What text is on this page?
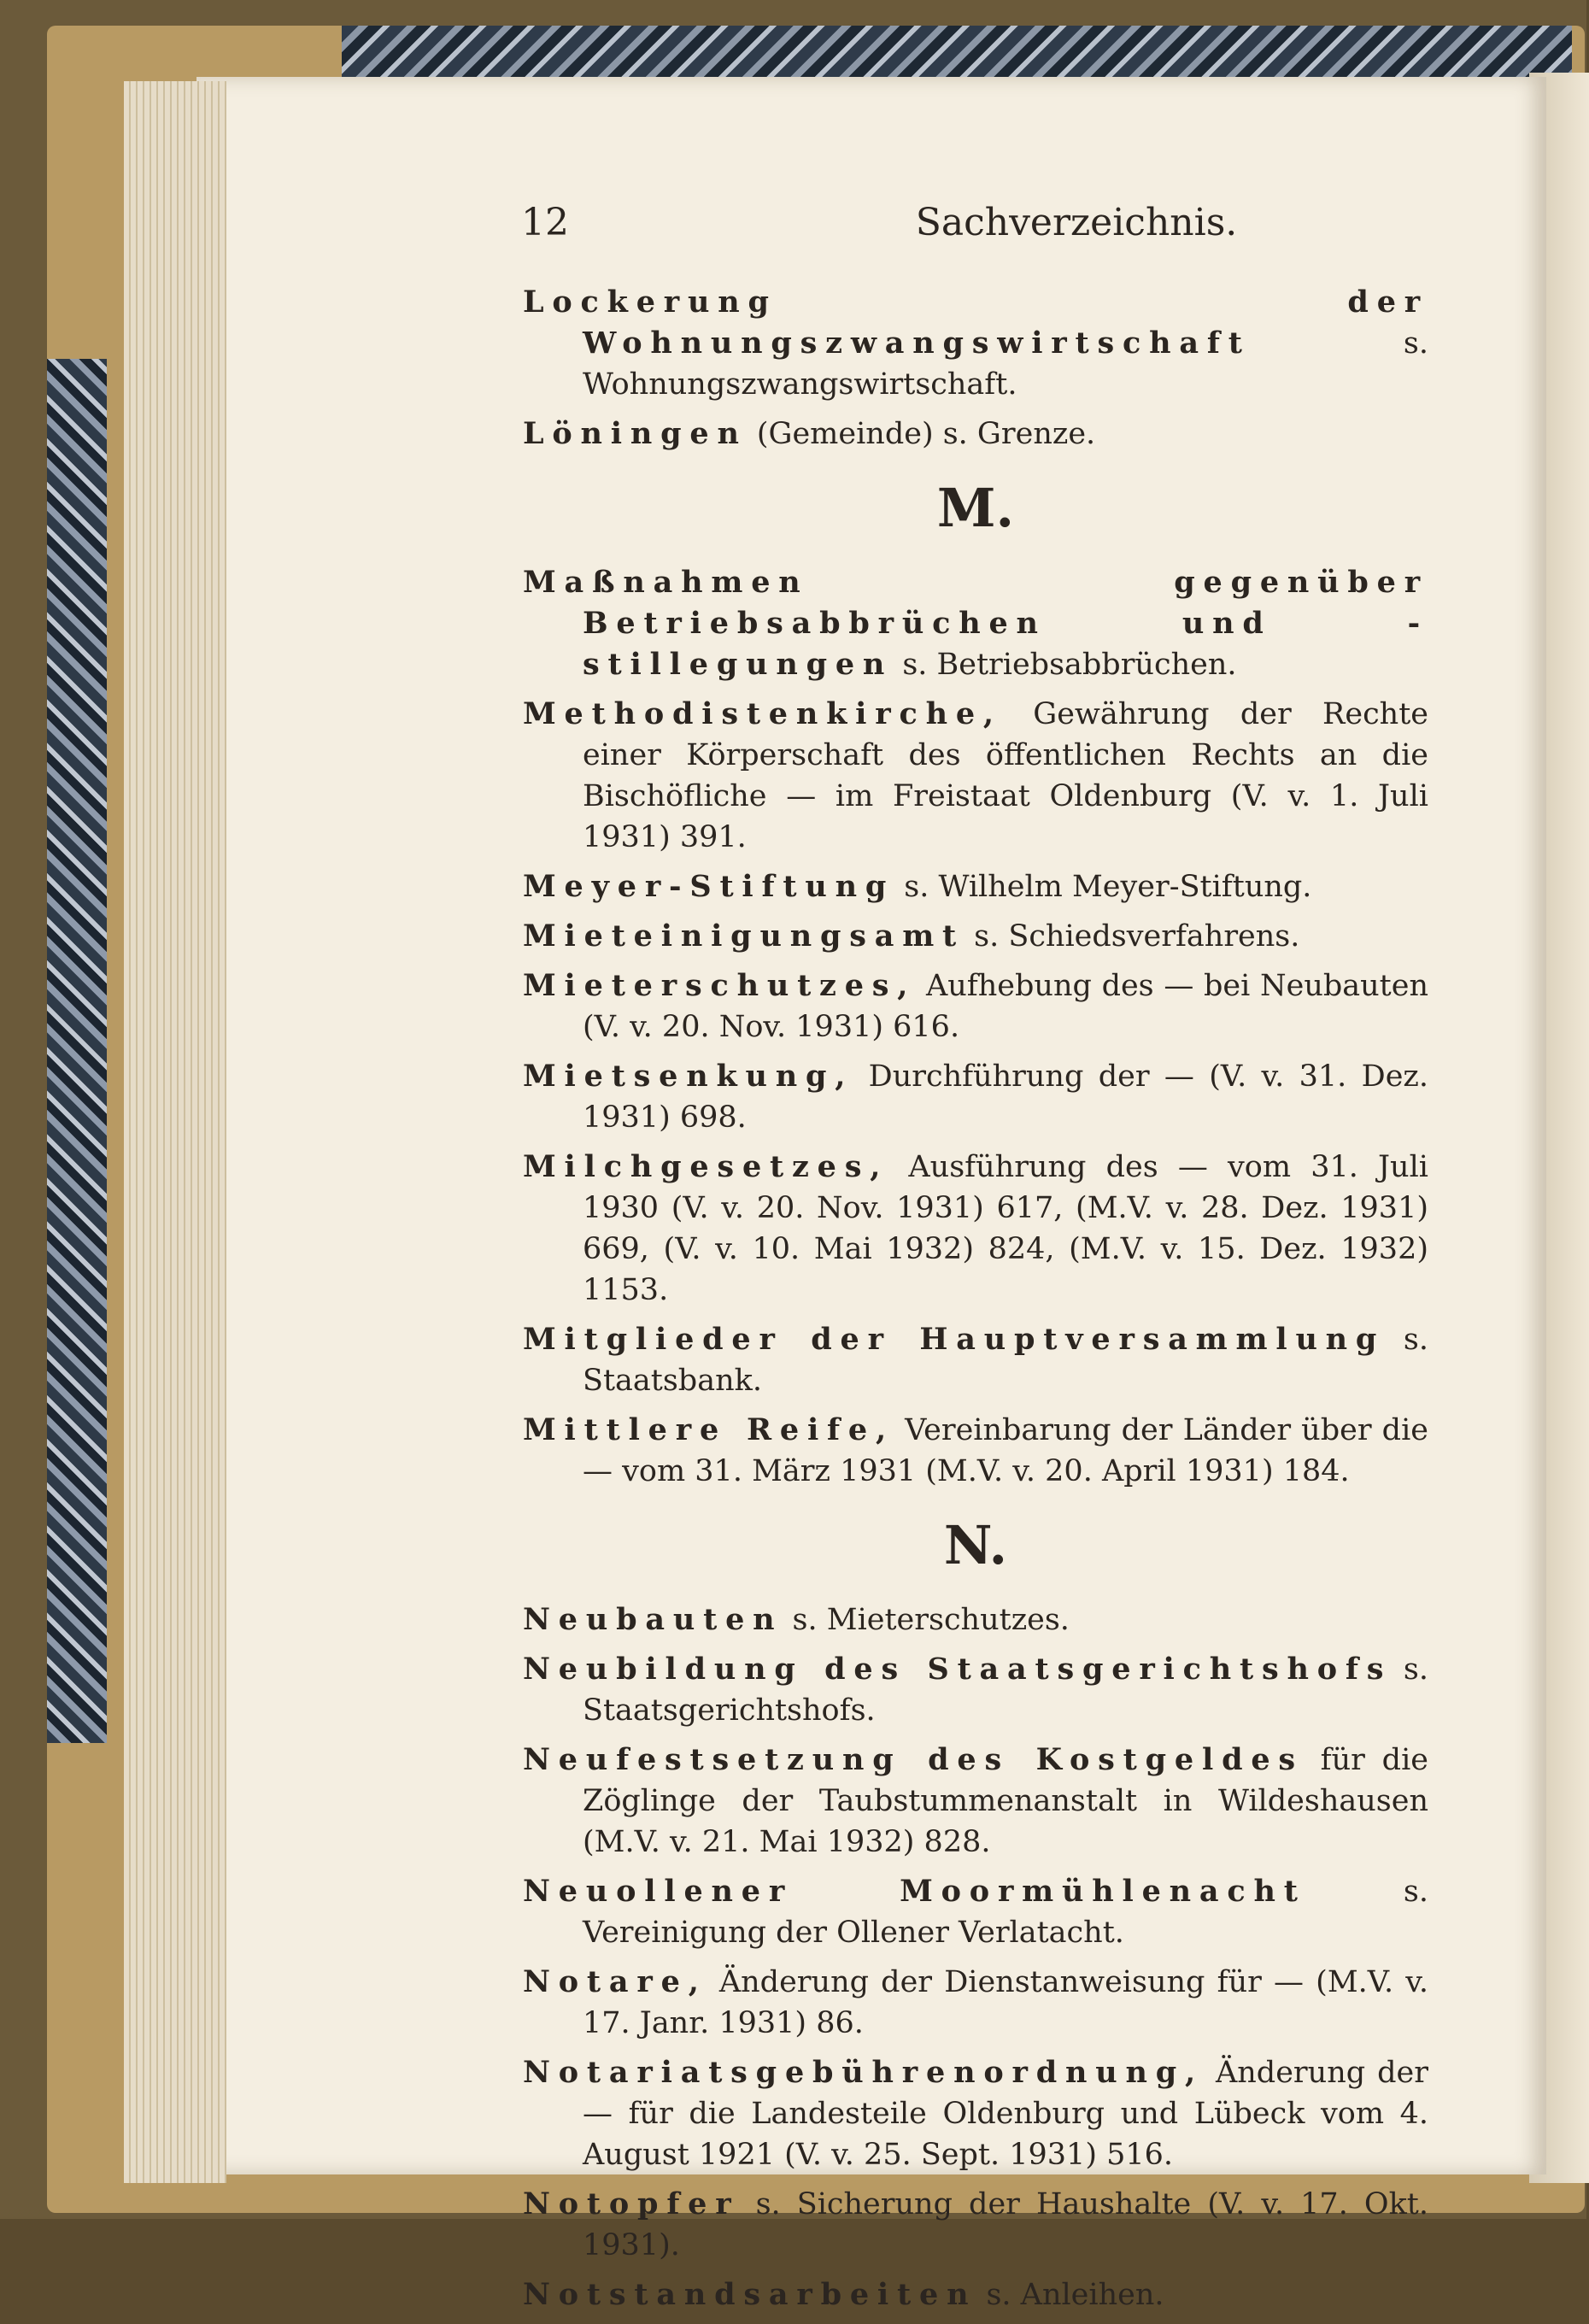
12	Sachverzeichnis.

Lockerung der Wohnungszwangswirtschaft s. Wohnungszwangswirtschaft.

Löningen (Gemeinde) s. Grenze.

M.

Maßnahmen gegenüber Betriebsabbrüchen und -stillegungen s. Betriebsabbrüchen.

Methodistenkirche, Gewährung der Rechte einer Körperschaft des öffentlichen Rechts an die Bischöfliche — im Freistaat Oldenburg (V. v. 1. Juli 1931) 391.

Meyer-Stiftung s. Wilhelm Meyer-Stiftung.

Mieteinigungsamt s. Schiedsverfahrens.

Mieterschutzes, Aufhebung des — bei Neubauten (V. v. 20. Nov. 1931) 616.

Mietsenkung, Durchführung der — (V. v. 31. Dez. 1931) 698.

Milchgesetzes, Ausführung des — vom 31. Juli 1930 (V. v. 20. Nov. 1931) 617, (M.V. v. 28. Dez. 1931) 669, (V. v. 10. Mai 1932) 824, (M.V. v. 15. Dez. 1932) 1153.

Mitglieder der Hauptversammlung s. Staatsbank.

Mittlere Reife, Vereinbarung der Länder über die — vom 31. März 1931 (M.V. v. 20. April 1931) 184.

N.

Neubauten s. Mieterschutzes.

Neubildung des Staatsgerichtshofs s. Staatsgerichtshofs.

Neufestsetzung des Kostgeldes für die Zöglinge der Taubstummenanstalt in Wildeshausen (M.V. v. 21. Mai 1932) 828.

Neuollener Moormühlenacht s. Vereinigung der Ollener Verlatacht.

Notare, Änderung der Dienstanweisung für — (M.V. v. 17. Janr. 1931) 86.

Notariatsgebührenordnung, Änderung der — für die Landesteile Oldenburg und Lübeck vom 4. August 1921 (V. v. 25. Sept. 1931) 516.

Notopfer s. Sicherung der Haushalte (V. v. 17. Okt. 1931).

Notstandsarbeiten s. Anleihen.
